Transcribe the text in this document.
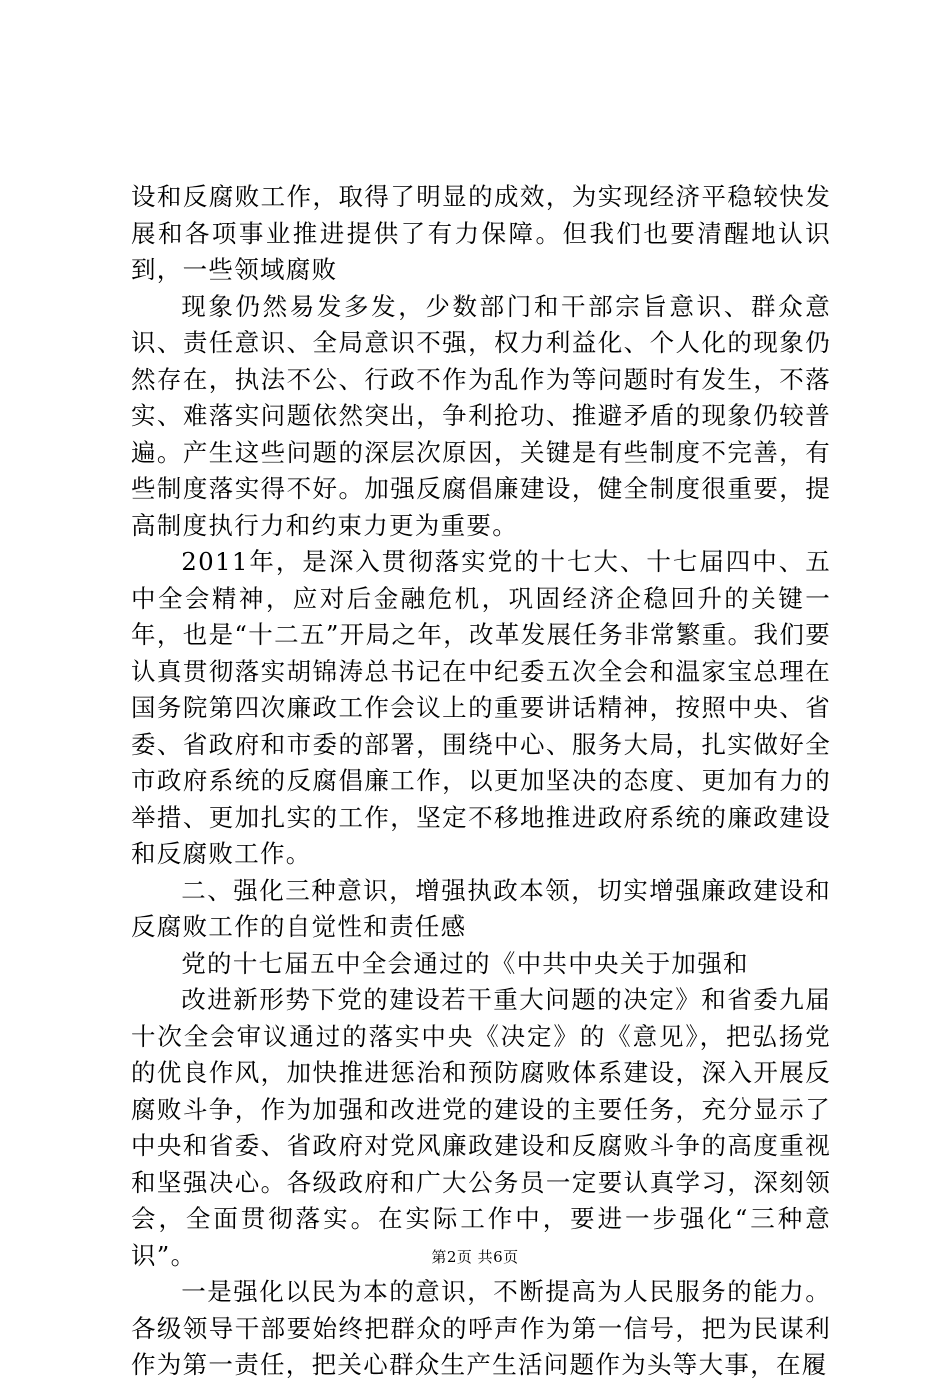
设和反腐败工作，取得了明显的成效，为实现经济平稳较快发展和各项事业推进提供了有力保障。但我们也要清醒地认识到，一些领域腐败

现象仍然易发多发，少数部门和干部宗旨意识、群众意识、责任意识、全局意识不强，权力利益化、个人化的现象仍然存在，执法不公、行政不作为乱作为等问题时有发生，不落实、难落实问题依然突出，争利抢功、推避矛盾的现象仍较普遍。产生这些问题的深层次原因，关键是有些制度不完善，有些制度落实得不好。加强反腐倡廉建设，健全制度很重要，提高制度执行力和约束力更为重要。

2011年，是深入贯彻落实党的十七大、十七届四中、五中全会精神，应对后金融危机，巩固经济企稳回升的关键一年，也是“十二五”开局之年，改革发展任务非常繁重。我们要认真贯彻落实胡锦涛总书记在中纪委五次全会和温家宝总理在国务院第四次廉政工作会议上的重要讲话精神，按照中央、省委、省政府和市委的部署，围绕中心、服务大局，扎实做好全市政府系统的反腐倡廉工作，以更加坚决的态度、更加有力的举措、更加扎实的工作，坚定不移地推进政府系统的廉政建设和反腐败工作。

二、强化三种意识，增强执政本领，切实增强廉政建设和反腐败工作的自觉性和责任感

党的十七届五中全会通过的《中共中央关于加强和

改进新形势下党的建设若干重大问题的决定》和省委九届十次全会审议通过的落实中央《决定》的《意见》，把弘扬党的优良作风，加快推进惩治和预防腐败体系建设，深入开展反腐败斗争，作为加强和改进党的建设的主要任务，充分显示了中央和省委、省政府对党风廉政建设和反腐败斗争的高度重视和坚强决心。各级政府和广大公务员一定要认真学习，深刻领会，全面贯彻落实。在实际工作中，要进一步强化“三种意识”。

一是强化以民为本的意识，不断提高为人民服务的能力。各级领导干部要始终把群众的呼声作为第一信号，把为民谋利作为第一责任，把关心群众生产生活问题作为头等大事，在履

第2页 共6页
